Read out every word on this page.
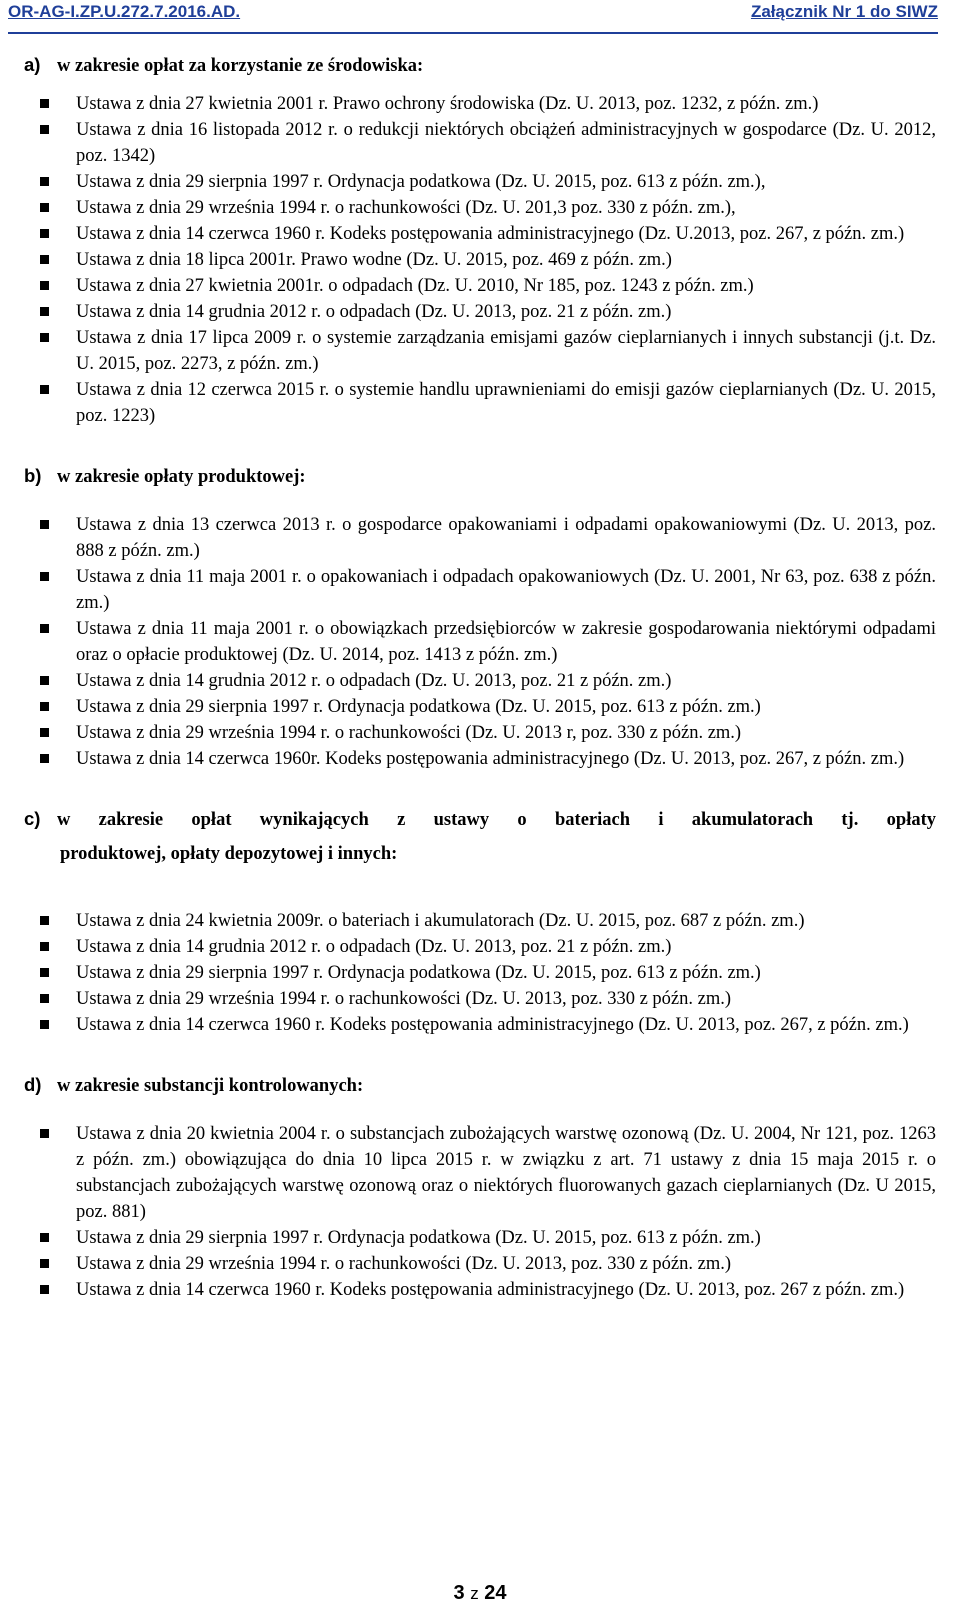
OR-AG-I.ZP.U.272.7.2016.AD.	Załącznik Nr 1 do SIWZ

a) w zakresie opłat za korzystanie ze środowiska:

Ustawa z dnia 27 kwietnia 2001 r. Prawo ochrony środowiska (Dz. U. 2013, poz. 1232, z późn. zm.)
Ustawa z dnia 16 listopada 2012 r. o redukcji niektórych obciążeń administracyjnych w gospodarce (Dz. U. 2012, poz. 1342)
Ustawa z dnia 29 sierpnia 1997 r. Ordynacja podatkowa (Dz. U. 2015, poz. 613 z późn. zm.),
Ustawa z dnia 29 września 1994 r. o rachunkowości (Dz. U. 201,3 poz. 330 z późn. zm.),
Ustawa z dnia 14 czerwca 1960 r. Kodeks postępowania administracyjnego (Dz. U.2013, poz. 267, z późn. zm.)
Ustawa z dnia 18 lipca 2001r. Prawo wodne (Dz. U. 2015, poz. 469 z późn. zm.)
Ustawa z dnia 27 kwietnia 2001r. o odpadach (Dz. U. 2010, Nr 185, poz. 1243 z późn. zm.)
Ustawa z dnia 14 grudnia 2012 r. o odpadach (Dz. U. 2013, poz. 21 z późn. zm.)
Ustawa z dnia 17 lipca 2009 r. o systemie zarządzania emisjami gazów cieplarnianych i innych substancji (j.t. Dz. U. 2015, poz. 2273, z późn. zm.)
Ustawa z dnia 12 czerwca 2015 r. o systemie handlu uprawnieniami do emisji gazów cieplarnianych (Dz. U. 2015, poz. 1223)

b) w zakresie opłaty produktowej:

Ustawa z dnia 13 czerwca 2013 r. o gospodarce opakowaniami i odpadami opakowaniowymi (Dz. U. 2013, poz. 888 z późn. zm.)
Ustawa z dnia 11 maja 2001 r. o opakowaniach i odpadach opakowaniowych (Dz. U. 2001, Nr 63, poz. 638 z późn. zm.)
Ustawa z dnia 11 maja 2001 r. o obowiązkach przedsiębiorców w zakresie gospodarowania niektórymi odpadami oraz o opłacie produktowej (Dz. U. 2014, poz. 1413 z późn. zm.)
Ustawa z dnia 14 grudnia 2012 r. o odpadach (Dz. U. 2013, poz. 21 z późn. zm.)
Ustawa z dnia 29 sierpnia 1997 r. Ordynacja podatkowa (Dz. U. 2015, poz. 613 z późn. zm.)
Ustawa z dnia 29 września 1994 r. o rachunkowości (Dz. U. 2013 r, poz. 330 z późn. zm.)
Ustawa z dnia 14 czerwca 1960r. Kodeks postępowania administracyjnego (Dz. U. 2013, poz. 267, z późn. zm.)

c) w zakresie opłat wynikających z ustawy o bateriach i akumulatorach tj. opłaty

produktowej, opłaty depozytowej i innych:

Ustawa z dnia 24 kwietnia 2009r. o bateriach i akumulatorach (Dz. U. 2015, poz. 687 z późn. zm.)
Ustawa z dnia 14 grudnia 2012 r. o odpadach (Dz. U. 2013, poz. 21 z późn. zm.)
Ustawa z dnia 29 sierpnia 1997 r. Ordynacja podatkowa (Dz. U. 2015, poz. 613 z późn. zm.)
Ustawa z dnia 29 września 1994 r. o rachunkowości (Dz. U. 2013, poz. 330 z późn. zm.)
Ustawa z dnia 14 czerwca 1960 r. Kodeks postępowania administracyjnego (Dz. U. 2013, poz. 267, z późn. zm.)

d) w zakresie substancji kontrolowanych:

Ustawa z dnia 20 kwietnia 2004 r. o substancjach zubożających warstwę ozonową (Dz. U. 2004, Nr 121, poz. 1263 z późn. zm.) obowiązująca do dnia 10 lipca 2015 r. w związku z art. 71 ustawy z dnia 15 maja 2015 r. o substancjach zubożających warstwę ozonową oraz o niektórych fluorowanych gazach cieplarnianych (Dz. U 2015, poz. 881)
Ustawa z dnia 29 sierpnia 1997 r. Ordynacja podatkowa (Dz. U. 2015, poz. 613 z późn. zm.)
Ustawa z dnia 29 września 1994 r. o rachunkowości (Dz. U. 2013, poz. 330 z późn. zm.)
Ustawa z dnia 14 czerwca 1960 r. Kodeks postępowania administracyjnego (Dz. U. 2013, poz. 267 z późn. zm.)
3 z 24
